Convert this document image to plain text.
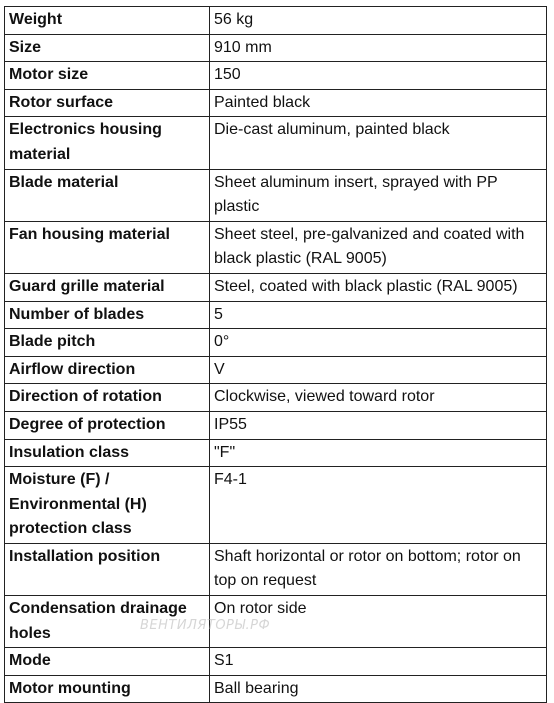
Weight	56 kg
Size	910 mm
Motor size	150
Rotor surface	Painted black
Electronics housing material	Die-cast aluminum, painted black
Blade material	Sheet aluminum insert, sprayed with PP plastic
Fan housing material	Sheet steel, pre-galvanized and coated with black plastic (RAL 9005)
Guard grille material	Steel, coated with black plastic (RAL 9005)
Number of blades	5
Blade pitch	0°
Airflow direction	V
Direction of rotation	Clockwise, viewed toward rotor
Degree of protection	IP55
Insulation class	"F"
Moisture (F) / Environmental (H) protection class	F4-1
Installation position	Shaft horizontal or rotor on bottom; rotor on top on request
Condensation drainage holes	On rotor side
Mode	S1
Motor mounting	Ball bearing
ВЕНТИЛЯТОРЫ.РФ
